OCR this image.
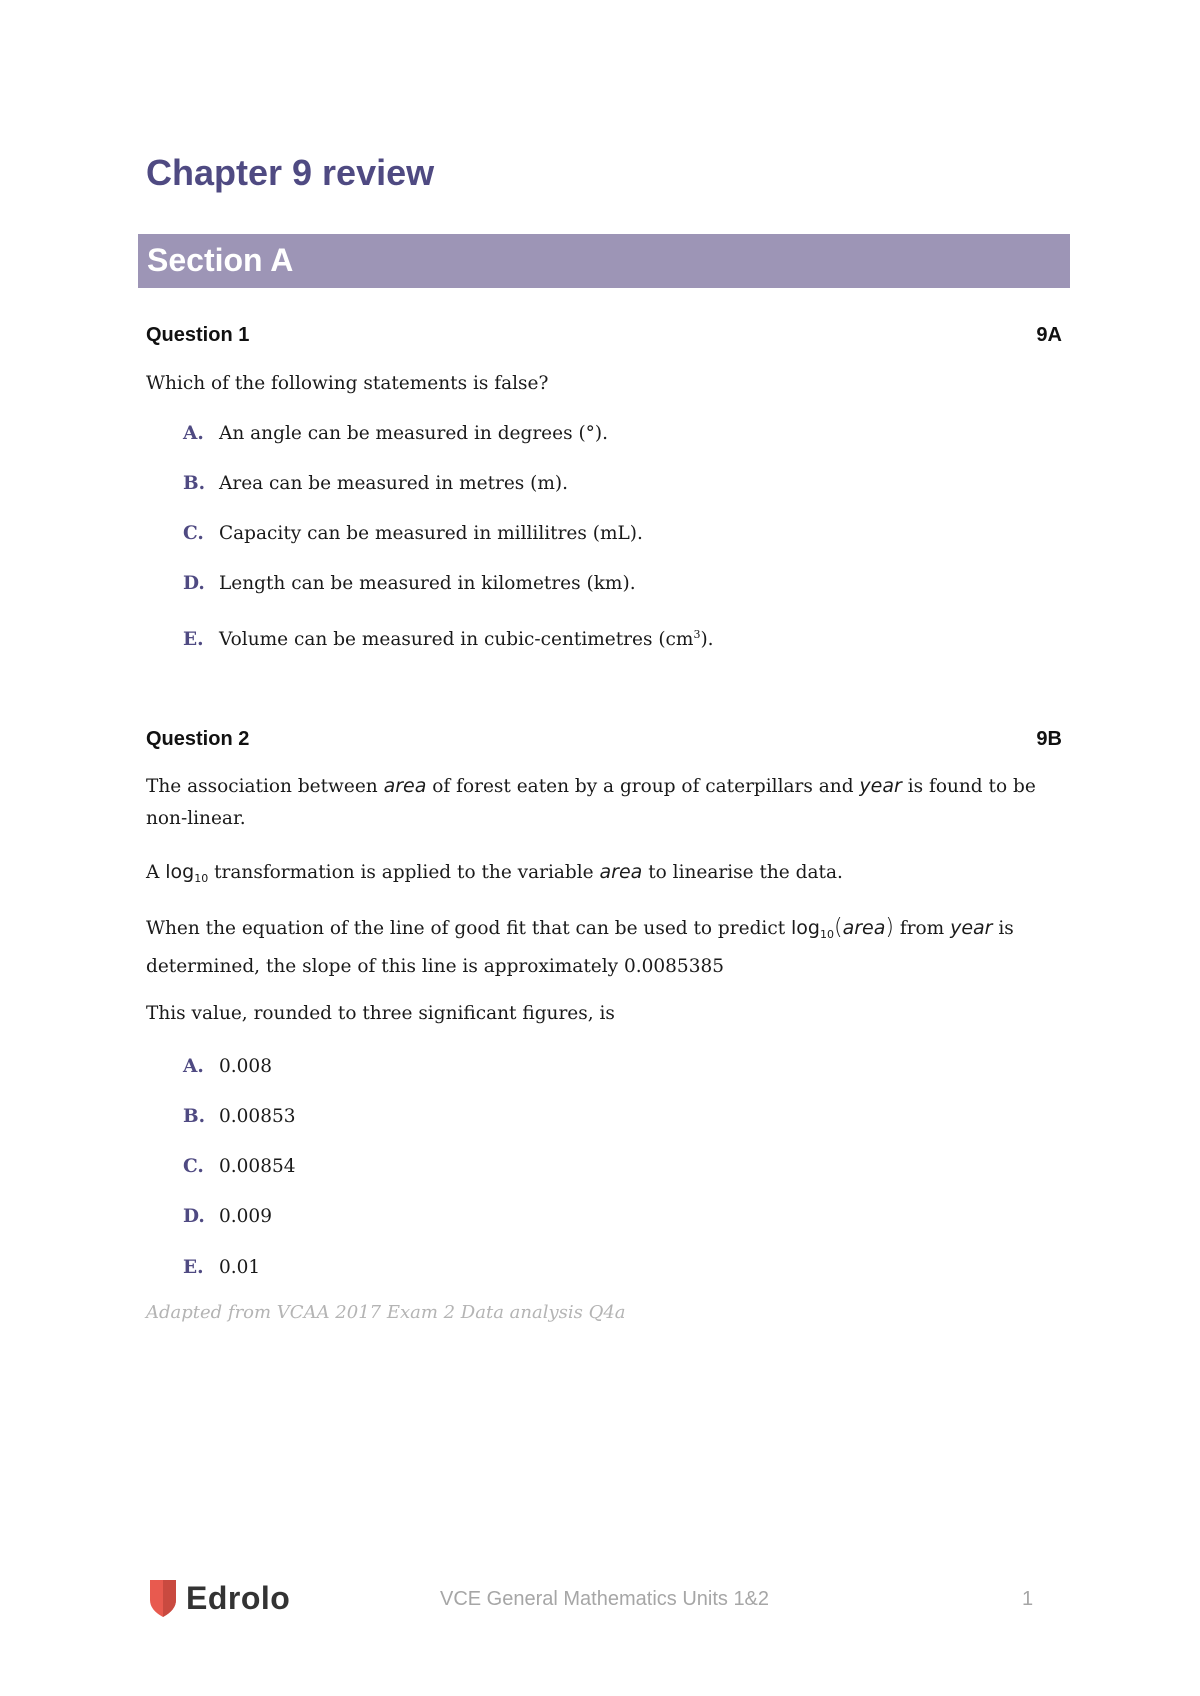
Chapter 9 review
Section A
Question 1	9A

Which of the following statements is false?

A. An angle can be measured in degrees (°).
B. Area can be measured in metres (m).
C. Capacity can be measured in millilitres (mL).
D. Length can be measured in kilometres (km).
E. Volume can be measured in cubic-centimetres $(cm^3)$.
Question 2	9B

The association between area of forest eaten by a group of caterpillars and year is found to be non-linear.

A $\log_{10}$ transformation is applied to the variable area to linearise the data.

When the equation of the line of good fit that can be used to predict $\log_{10}(area)$ from year is determined, the slope of this line is approximately 0.0085385

This value, rounded to three significant figures, is

A. 0.008
B. 0.00853
C. 0.00854
D. 0.009
E. 0.01
Adapted from VCAA 2017 Exam 2 Data analysis Q4a
Edrolo	VCE General Mathematics Units 1&2	1
